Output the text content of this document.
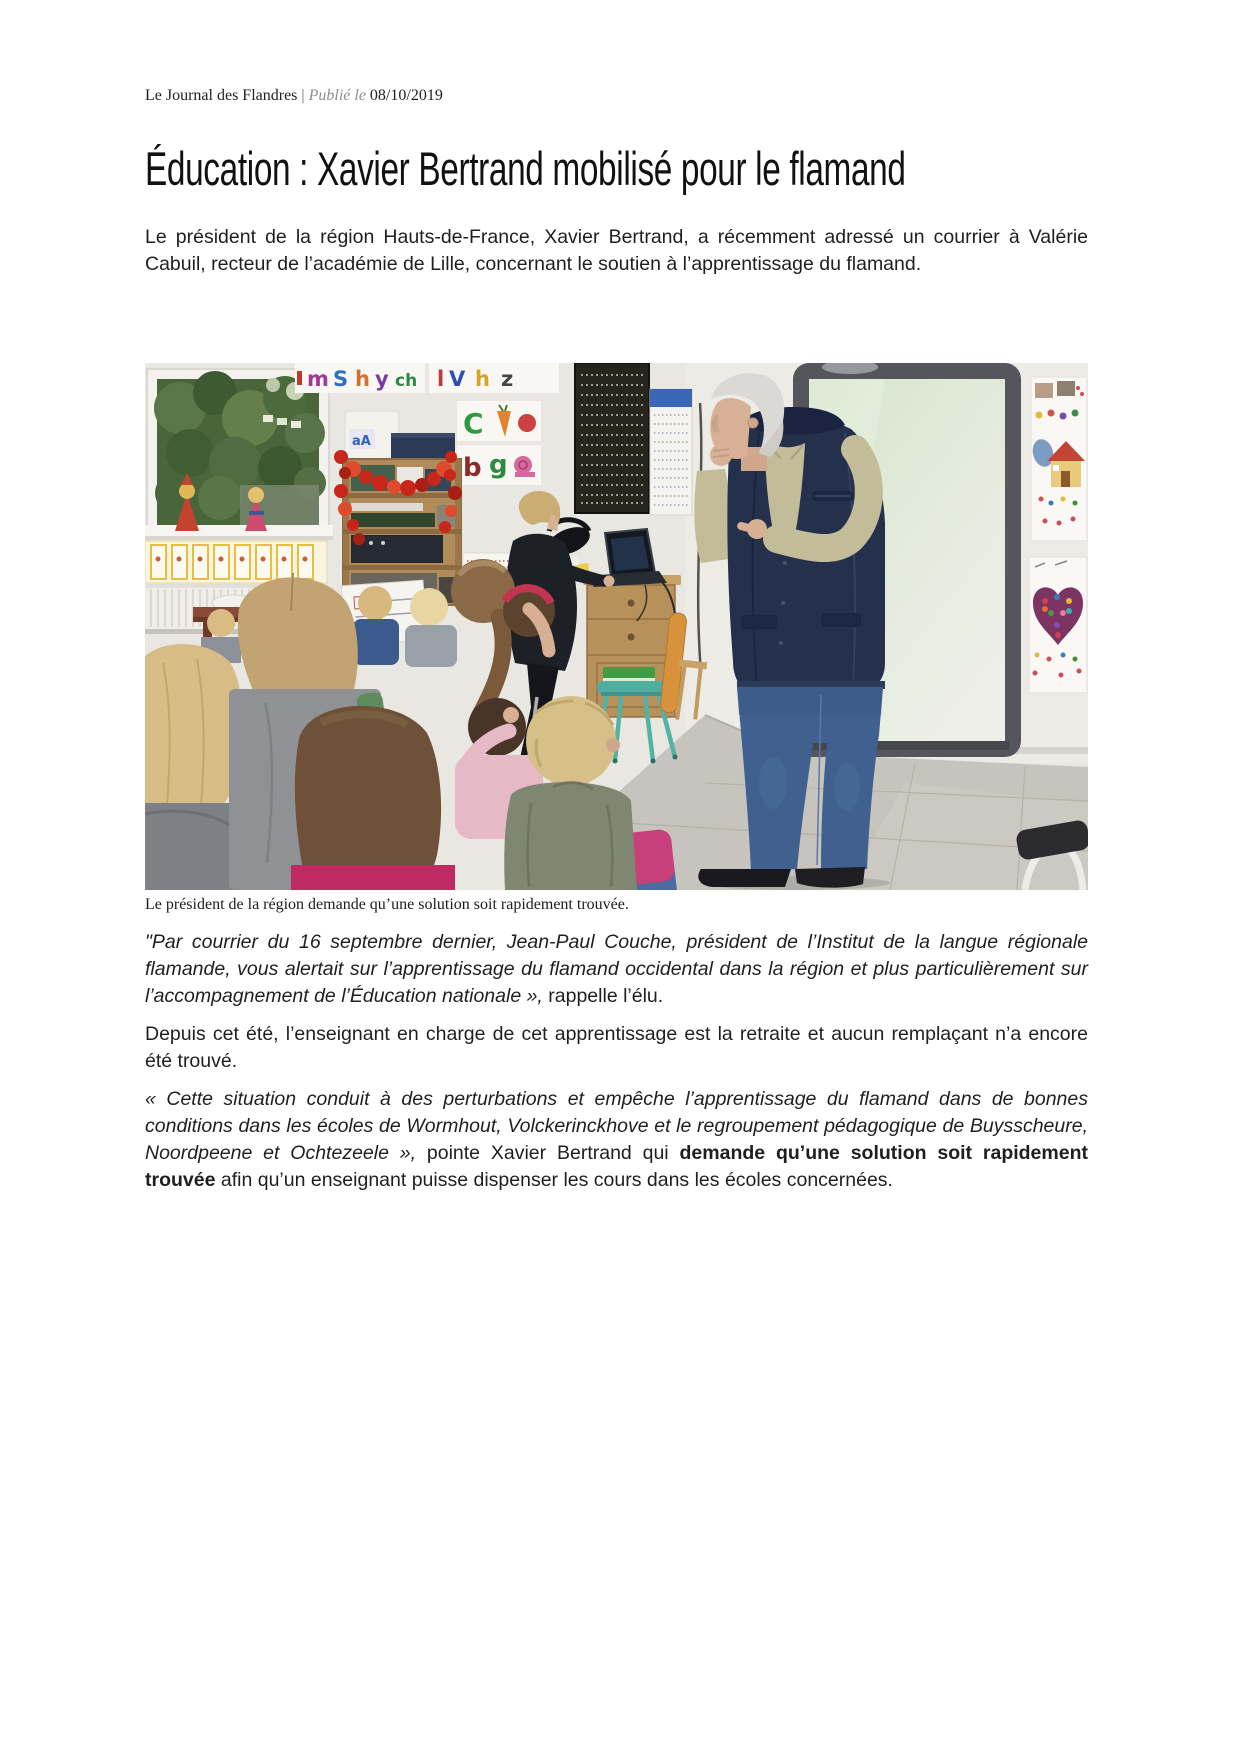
Le Journal des Flandres | Publié le 08/10/2019
Éducation : Xavier Bertrand mobilisé pour le flamand

Le président de la région Hauts-de-France, Xavier Bertrand, a récemment adressé un courrier à Valérie Cabuil, recteur de l’académie de Lille, concernant le soutien à l’apprentissage du flamand.

m S h y ch l V h z
C
b g
aA
Le président de la région demande qu’une solution soit rapidement trouvée.

"Par courrier du 16 septembre dernier, Jean-Paul Couche, président de l’Institut de la langue régionale flamande, vous alertait sur l’apprentissage du flamand occidental dans la région et plus particulièrement sur l’accompagnement de l’Éducation nationale », rappelle l’élu.

Depuis cet été, l’enseignant en charge de cet apprentissage est la retraite et aucun remplaçant n’a encore été trouvé.

« Cette situation conduit à des perturbations et empêche l’apprentissage du flamand dans de bonnes conditions dans les écoles de Wormhout, Volckerinckhove et le regroupement pédagogique de Buysscheure, Noordpeene et Ochtezeele », pointe Xavier Bertrand qui demande qu’une solution soit rapidement trouvée afin qu’un enseignant puisse dispenser les cours dans les écoles concernées.
